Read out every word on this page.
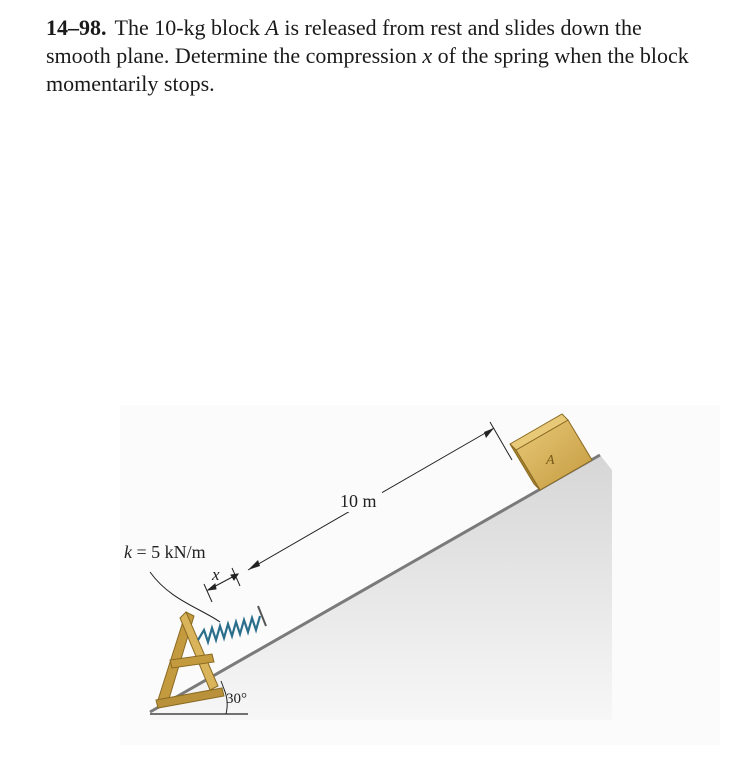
14–98. The 10-kg block A is released from rest and slides down the smooth plane. Determine the compression x of the spring when the block momentarily stops.
x
k = 5 kN/m
10 m
A
30°
